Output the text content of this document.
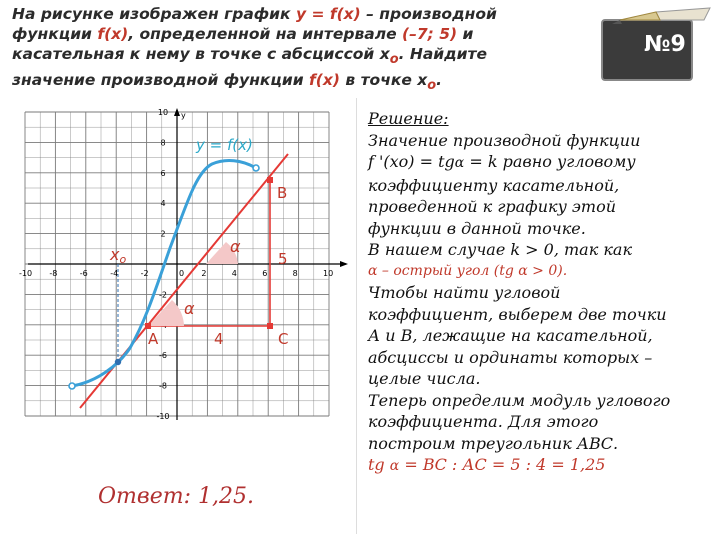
На рисунке изображен график y = f(x) – производной функции f(x), определенной на интервале (–7; 5) и касательная к нему в точке с абсциссой $х_о$. Найдите значение производной функции f(x) в точке $х_о$.
№9
y
-10 -8	-6	-4	-2	0 2	4	6	8	10
10
8
6
4
2
-2
-6
-8
-10
y = f(x)
B
5
α
α
A	4	C
хо
Ответ: 1,25.

Решение:

Значение производной функции

f '(xо) = tgα = k равно угловому

коэффициенту касательной,

проведенной к графику этой

функции в данной точке.

В нашем случае k > 0, так как

α – острый угол (tg α > 0).

Чтобы найти угловой

коэффициент, выберем две точки

А и В, лежащие на касательной,

абсциссы и ординаты которых –

целые числа.

Теперь определим модуль углового

коэффициента. Для этого

построим треугольник АВС.

tg α = ВС : АС = 5 : 4 = 1,25
